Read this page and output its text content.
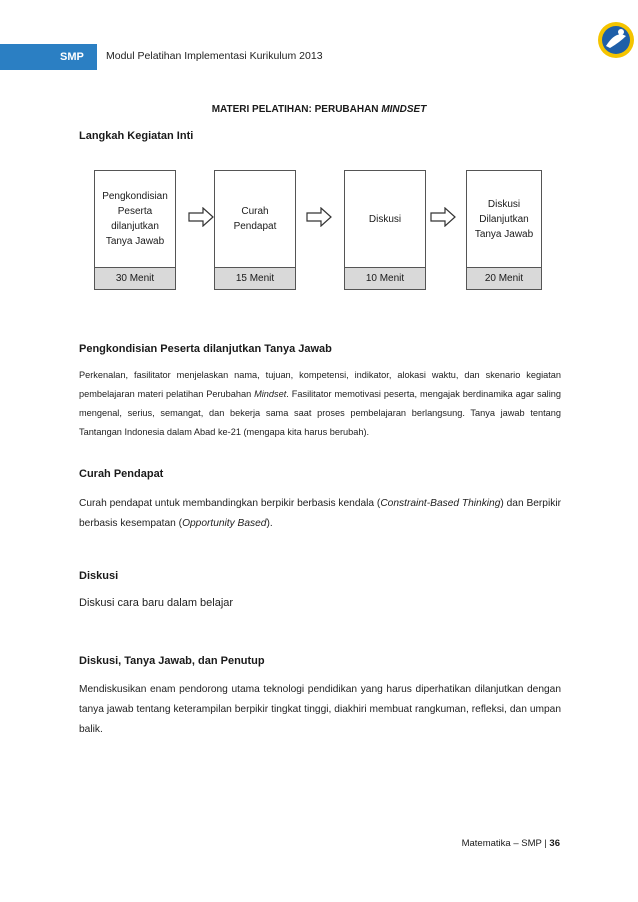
SMP	Modul Pelatihan Implementasi Kurikulum 2013
MATERI PELATIHAN: PERUBAHAN MINDSET
Langkah Kegiatan Inti
Pengkondisian Peserta dilanjutkan Tanya Jawab
30 Menit
Curah Pendapat
15 Menit
Diskusi
10 Menit
Diskusi Dilanjutkan Tanya Jawab
20 Menit
Pengkondisian Peserta dilanjutkan Tanya Jawab
Perkenalan, fasilitator menjelaskan nama, tujuan, kompetensi, indikator, alokasi waktu, dan skenario kegiatan pembelajaran materi pelatihan Perubahan Mindset. Fasilitator memotivasi peserta, mengajak berdinamika agar saling mengenal, serius, semangat, dan bekerja sama saat proses pembelajaran berlangsung. Tanya jawab tentang Tantangan Indonesia dalam Abad ke-21 (mengapa kita harus berubah).
Curah Pendapat
Curah pendapat untuk membandingkan berpikir berbasis kendala (Constraint-Based Thinking) dan Berpikir berbasis kesempatan (Opportunity Based).
Diskusi
Diskusi cara baru dalam belajar
Diskusi, Tanya Jawab, dan Penutup
Mendiskusikan enam pendorong utama teknologi pendidikan yang harus diperhatikan dilanjutkan dengan tanya jawab tentang keterampilan berpikir tingkat tinggi, diakhiri membuat rangkuman, refleksi, dan umpan balik.
Matematika – SMP | 36
